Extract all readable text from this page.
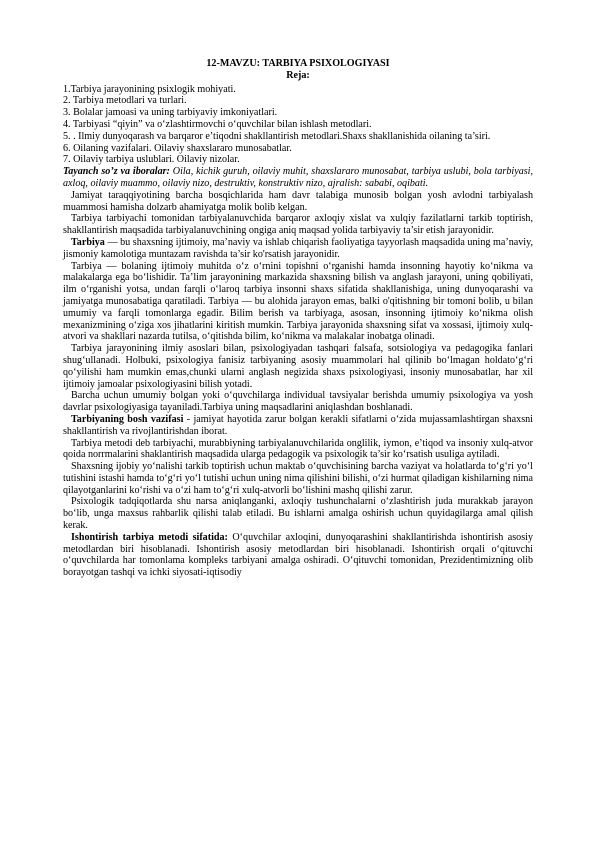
12-MAVZU: TARBIYA PSIXOLOGIYASI

Reja:

1.Tarbiya jarayonining psixlogik mohiyati.

2. Tarbiya metodlari va turlari.

3. Bolalar jamoasi va uning tarbiyaviy imkoniyatlari.

4. Tarbiyasi “qiyin” va o‘zlashtirmovchi o‘quvchilar bilan ishlash metodlari.

5. . Ilmiy dunyoqarash va barqaror e’tiqodni shakllantirish metodlari.Shaxs shakllanishida oilaning ta’siri.

6. Oilaning vazifalari. Oilaviy shaxslararo munosabatlar.

7. Oilaviy tarbiya uslublari. Oilaviy nizolar.

Tayanch so’z va iboralar: Oila, kichik guruh, oilaviy muhit, shaxslararo munosabat, tarbiya uslubi, bola tarbiyasi, axloq, oilaviy muammo, oilaviy nizo, destruktiv, konstruktiv nizo, ajralish: sababi, oqibati.

Jamiyat taraqqiyotining barcha bosqichlarida ham davr talabiga munosib bolgan yosh avlodni tarbiyalash muammosi hamisha dolzarb ahamiyatga molik bolib kelgan.

Tarbiya tarbiyachi tomonidan tarbiyalanuvchida barqaror axloqiy xislat va xulqiy fazilatlarni tarkib toptirish, shakllantirish maqsadida tarbiyalanuvchining ongiga aniq maqsad yolida tarbiyaviy ta’sir etish jarayonidir.

Tarbiya — bu shaxsning ijtimoiy, ma’naviy va ishlab chiqarish faoliyatiga tayyorlash maqsadida uning ma’naviy, jismoniy kamolotiga muntazam ravishda ta’sir ko'rsatish jarayonidir.

Tarbiya — bolaning ijtimoiy muhitda o‘z o‘rnini topishni o‘rganishi hamda insonning hayotiy ko‘nikma va malakalarga ega bo‘lishidir. Ta’lim jarayonining markazida shaxsning bilish va anglash jarayoni, uning qobiliyati, ilm o‘rganishi yotsa, undan farqli o‘laroq tarbiya insonni shaxs sifatida shakllanishiga, uning dunyoqarashi va jamiyatga munosabatiga qaratiladi. Tarbiya — bu alohida jarayon emas, balki o'qitishning bir tomoni bolib, u bilan umumiy va farqli tomonlarga egadir. Bilim berish va tarbiyaga, asosan, insonning ijtimoiy ko‘nikma olish mexanizmining o‘ziga xos jihatlarini kiritish mumkin. Tarbiya jarayonida shaxsning sifat va xossasi, ijtimoiy xulq-atvori va shakllari nazarda tutilsa, o‘qitishda bilim, ko‘nikma va malakalar inobatga olinadi.

Tarbiya jarayonining ilmiy asoslari bilan, psixologiyadan tashqari falsafa, sotsiologiya va pedagogika fanlari shug‘ullanadi. Holbuki, psixologiya fanisiz tarbiyaning asosiy muammolari hal qilinib bo‘lmagan holdato‘g‘ri qo‘yilishi ham mumkin emas,chunki ularni anglash negizida shaxs psixologiyasi, insoniy munosabatlar, har xil ijtimoiy jamoalar psixologiyasini bilish yotadi.

Barcha uchun umumiy bolgan yoki o‘quvchilarga individual tavsiyalar berishda umumiy psixologiya va yosh davrlar psixologiyasiga tayaniladi.Tarbiya uning maqsadlarini aniqlashdan boshlanadi.

Tarbiyaning bosh vazifasi - jamiyat hayotida zarur bolgan kerakli sifatlarni o‘zida mujassamlashtirgan shaxsni shakllantirish va rivojlantirishdan iborat.

Tarbiya metodi deb tarbiyachi, murabbiyning tarbiyalanuvchilarida onglilik, iymon, e’tiqod va insoniy xulq-atvor qoida norrmalarini shaklantirish maqsadida ularga pedagogik va psixologik ta’sir ko‘rsatish usuliga aytiladi.

Shaxsning ijobiy yo‘nalishi tarkib toptirish uchun maktab o‘quvchisining barcha vaziyat va holatlarda to‘g‘ri yo‘l tutishini istashi hamda to‘g‘ri yo‘l tutishi uchun uning nima qilishini bilishi, o‘zi hurmat qiladigan kishilarning nima qilayotganlarini ko‘rishi va o‘zi ham to‘g‘ri xulq-atvorli bo‘lishini mashq qilishi zarur.

Psixologik tadqiqotlarda shu narsa aniqlanganki, axloqiy tushunchalarni o‘zlashtirish juda murakkab jarayon bo‘lib, unga maxsus rahbarlik qilishi talab etiladi. Bu ishlarni amalga oshirish uchun quyidagilarga amal qilish kerak.

Ishontirish tarbiya metodi sifatida: O‘quvchilar axloqini, dunyoqarashini shakllantirishda ishontirish asosiy metodlardan biri hisoblanadi. Ishontirish asosiy metodlardan biri hisoblanadi. Ishontirish orqali o‘qituvchi o‘quvchilarda har tomonlama kompleks tarbiyani amalga oshiradi. O‘qituvchi tomonidan, Prezidentimizning olib borayotgan tashqi va ichki siyosati-iqtisodiy
